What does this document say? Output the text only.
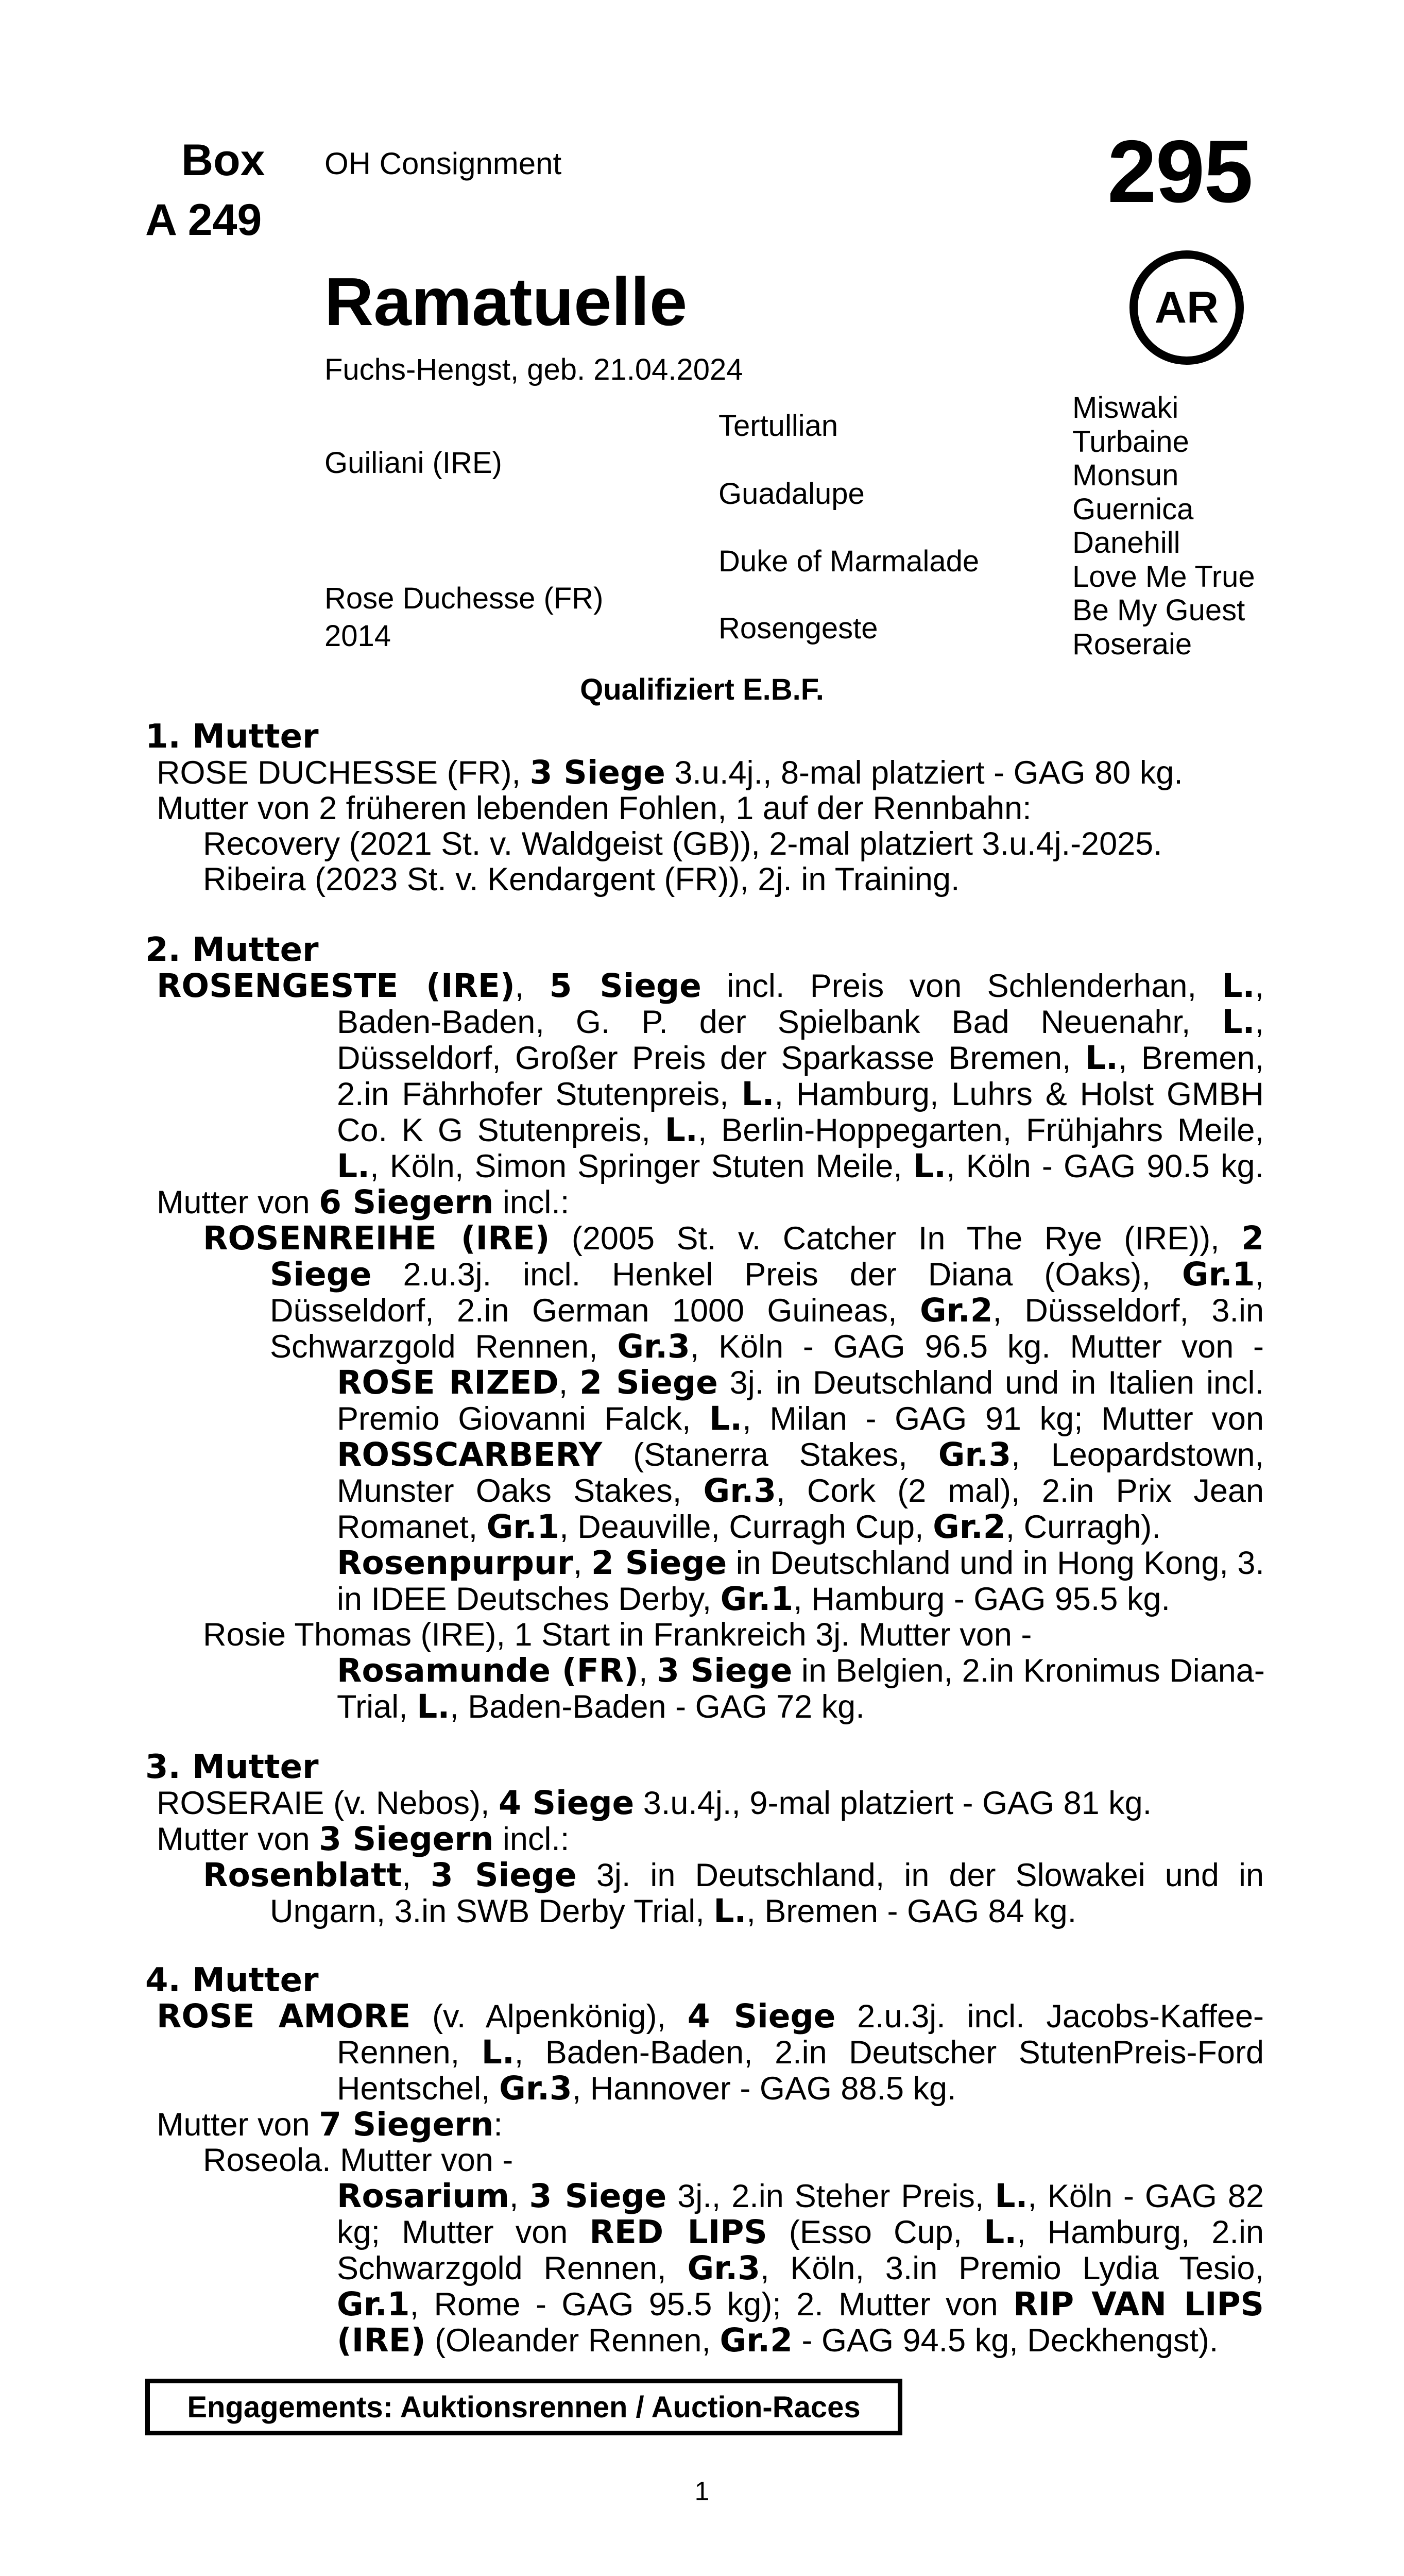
Box
A 249
OH Consignment	295
AR
Ramatuelle
Fuchs-Hengst, geb. 21.04.2024
Guiliani (IRE)
Rose Duchesse (FR)
2014
Tertullian
Guadalupe
Duke of Marmalade
Rosengeste
Miswaki
Turbaine
Monsun
Guernica
Danehill
Love Me True
Be My Guest
Roseraie
Qualifiziert E.B.F.
1. Mutter
ROSE DUCHESSE (FR), 3 Siege 3.u.4j., 8-mal platziert - GAG 80 kg.
Mutter von 2 früheren lebenden Fohlen, 1 auf der Rennbahn:
Recovery (2021 St. v. Waldgeist (GB)), 2-mal platziert 3.u.4j.-2025.
Ribeira (2023 St. v. Kendargent (FR)), 2j. in Training.
2. Mutter
ROSENGESTE (IRE), 5 Siege incl. Preis von Schlenderhan, L.,
Baden-Baden, G. P. der Spielbank Bad Neuenahr, L.,
Düsseldorf, Großer Preis der Sparkasse Bremen, L., Bremen,
2.in Fährhofer Stutenpreis, L., Hamburg, Luhrs & Holst GMBH
Co. K G Stutenpreis, L., Berlin-Hoppegarten, Frühjahrs Meile,
L., Köln, Simon Springer Stuten Meile, L., Köln - GAG 90.5 kg.
Mutter von 6 Siegern incl.:
ROSENREIHE (IRE) (2005 St. v. Catcher In The Rye (IRE)), 2
Siege 2.u.3j. incl. Henkel Preis der Diana (Oaks), Gr.1,
Düsseldorf, 2.in German 1000 Guineas, Gr.2, Düsseldorf, 3.in
Schwarzgold Rennen, Gr.3, Köln - GAG 96.5 kg. Mutter von -
ROSE RIZED, 2 Siege 3j. in Deutschland und in Italien incl.
Premio Giovanni Falck, L., Milan - GAG 91 kg; Mutter von
ROSSCARBERY (Stanerra Stakes, Gr.3, Leopardstown,
Munster Oaks Stakes, Gr.3, Cork (2 mal), 2.in Prix Jean
Romanet, Gr.1, Deauville, Curragh Cup, Gr.2, Curragh).
Rosenpurpur, 2 Siege in Deutschland und in Hong Kong, 3.
in IDEE Deutsches Derby, Gr.1, Hamburg - GAG 95.5 kg.
Rosie Thomas (IRE), 1 Start in Frankreich 3j. Mutter von -
Rosamunde (FR), 3 Siege in Belgien, 2.in Kronimus Diana-
Trial, L., Baden-Baden - GAG 72 kg.
3. Mutter
ROSERAIE (v. Nebos), 4 Siege 3.u.4j., 9-mal platziert - GAG 81 kg.
Mutter von 3 Siegern incl.:
Rosenblatt, 3 Siege 3j. in Deutschland, in der Slowakei und in
Ungarn, 3.in SWB Derby Trial, L., Bremen - GAG 84 kg.
4. Mutter
ROSE AMORE (v. Alpenkönig), 4 Siege 2.u.3j. incl. Jacobs-Kaffee-
Rennen, L., Baden-Baden, 2.in Deutscher StutenPreis-Ford
Hentschel, Gr.3, Hannover - GAG 88.5 kg.
Mutter von 7 Siegern:
Roseola. Mutter von -
Rosarium, 3 Siege 3j., 2.in Steher Preis, L., Köln - GAG 82
kg; Mutter von RED LIPS (Esso Cup, L., Hamburg, 2.in
Schwarzgold Rennen, Gr.3, Köln, 3.in Premio Lydia Tesio,
Gr.1, Rome - GAG 95.5 kg); 2. Mutter von RIP VAN LIPS
(IRE) (Oleander Rennen, Gr.2 - GAG 94.5 kg, Deckhengst).
Engagements: Auktionsrennen / Auction-Races
1
